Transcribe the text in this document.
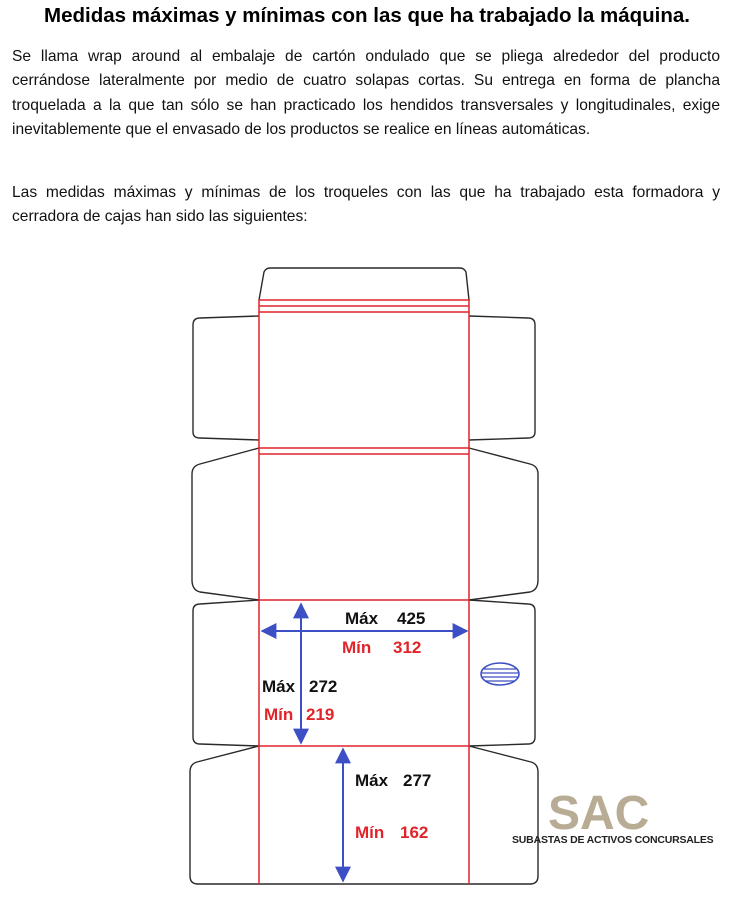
Medidas máximas y mínimas con las que ha trabajado la máquina.

Se llama wrap around al embalaje de cartón ondulado que se pliega alrededor del producto cerrándose lateralmente por medio de cuatro solapas cortas. Su entrega en forma de plancha troquelada a la que tan sólo se han practicado los hendidos transversales y longitudinales, exige inevitablemente que el envasado de los productos se realice en líneas automáticas.

Las medidas máximas y mínimas de los troqueles con las que ha trabajado esta formadora y cerradora de cajas han sido las siguientes:

Máx 425
Mín 312
Máx 272
Mín 219
Máx 277
Mín 162 SAC
SUBASTAS DE ACTIVOS CONCURSALES
